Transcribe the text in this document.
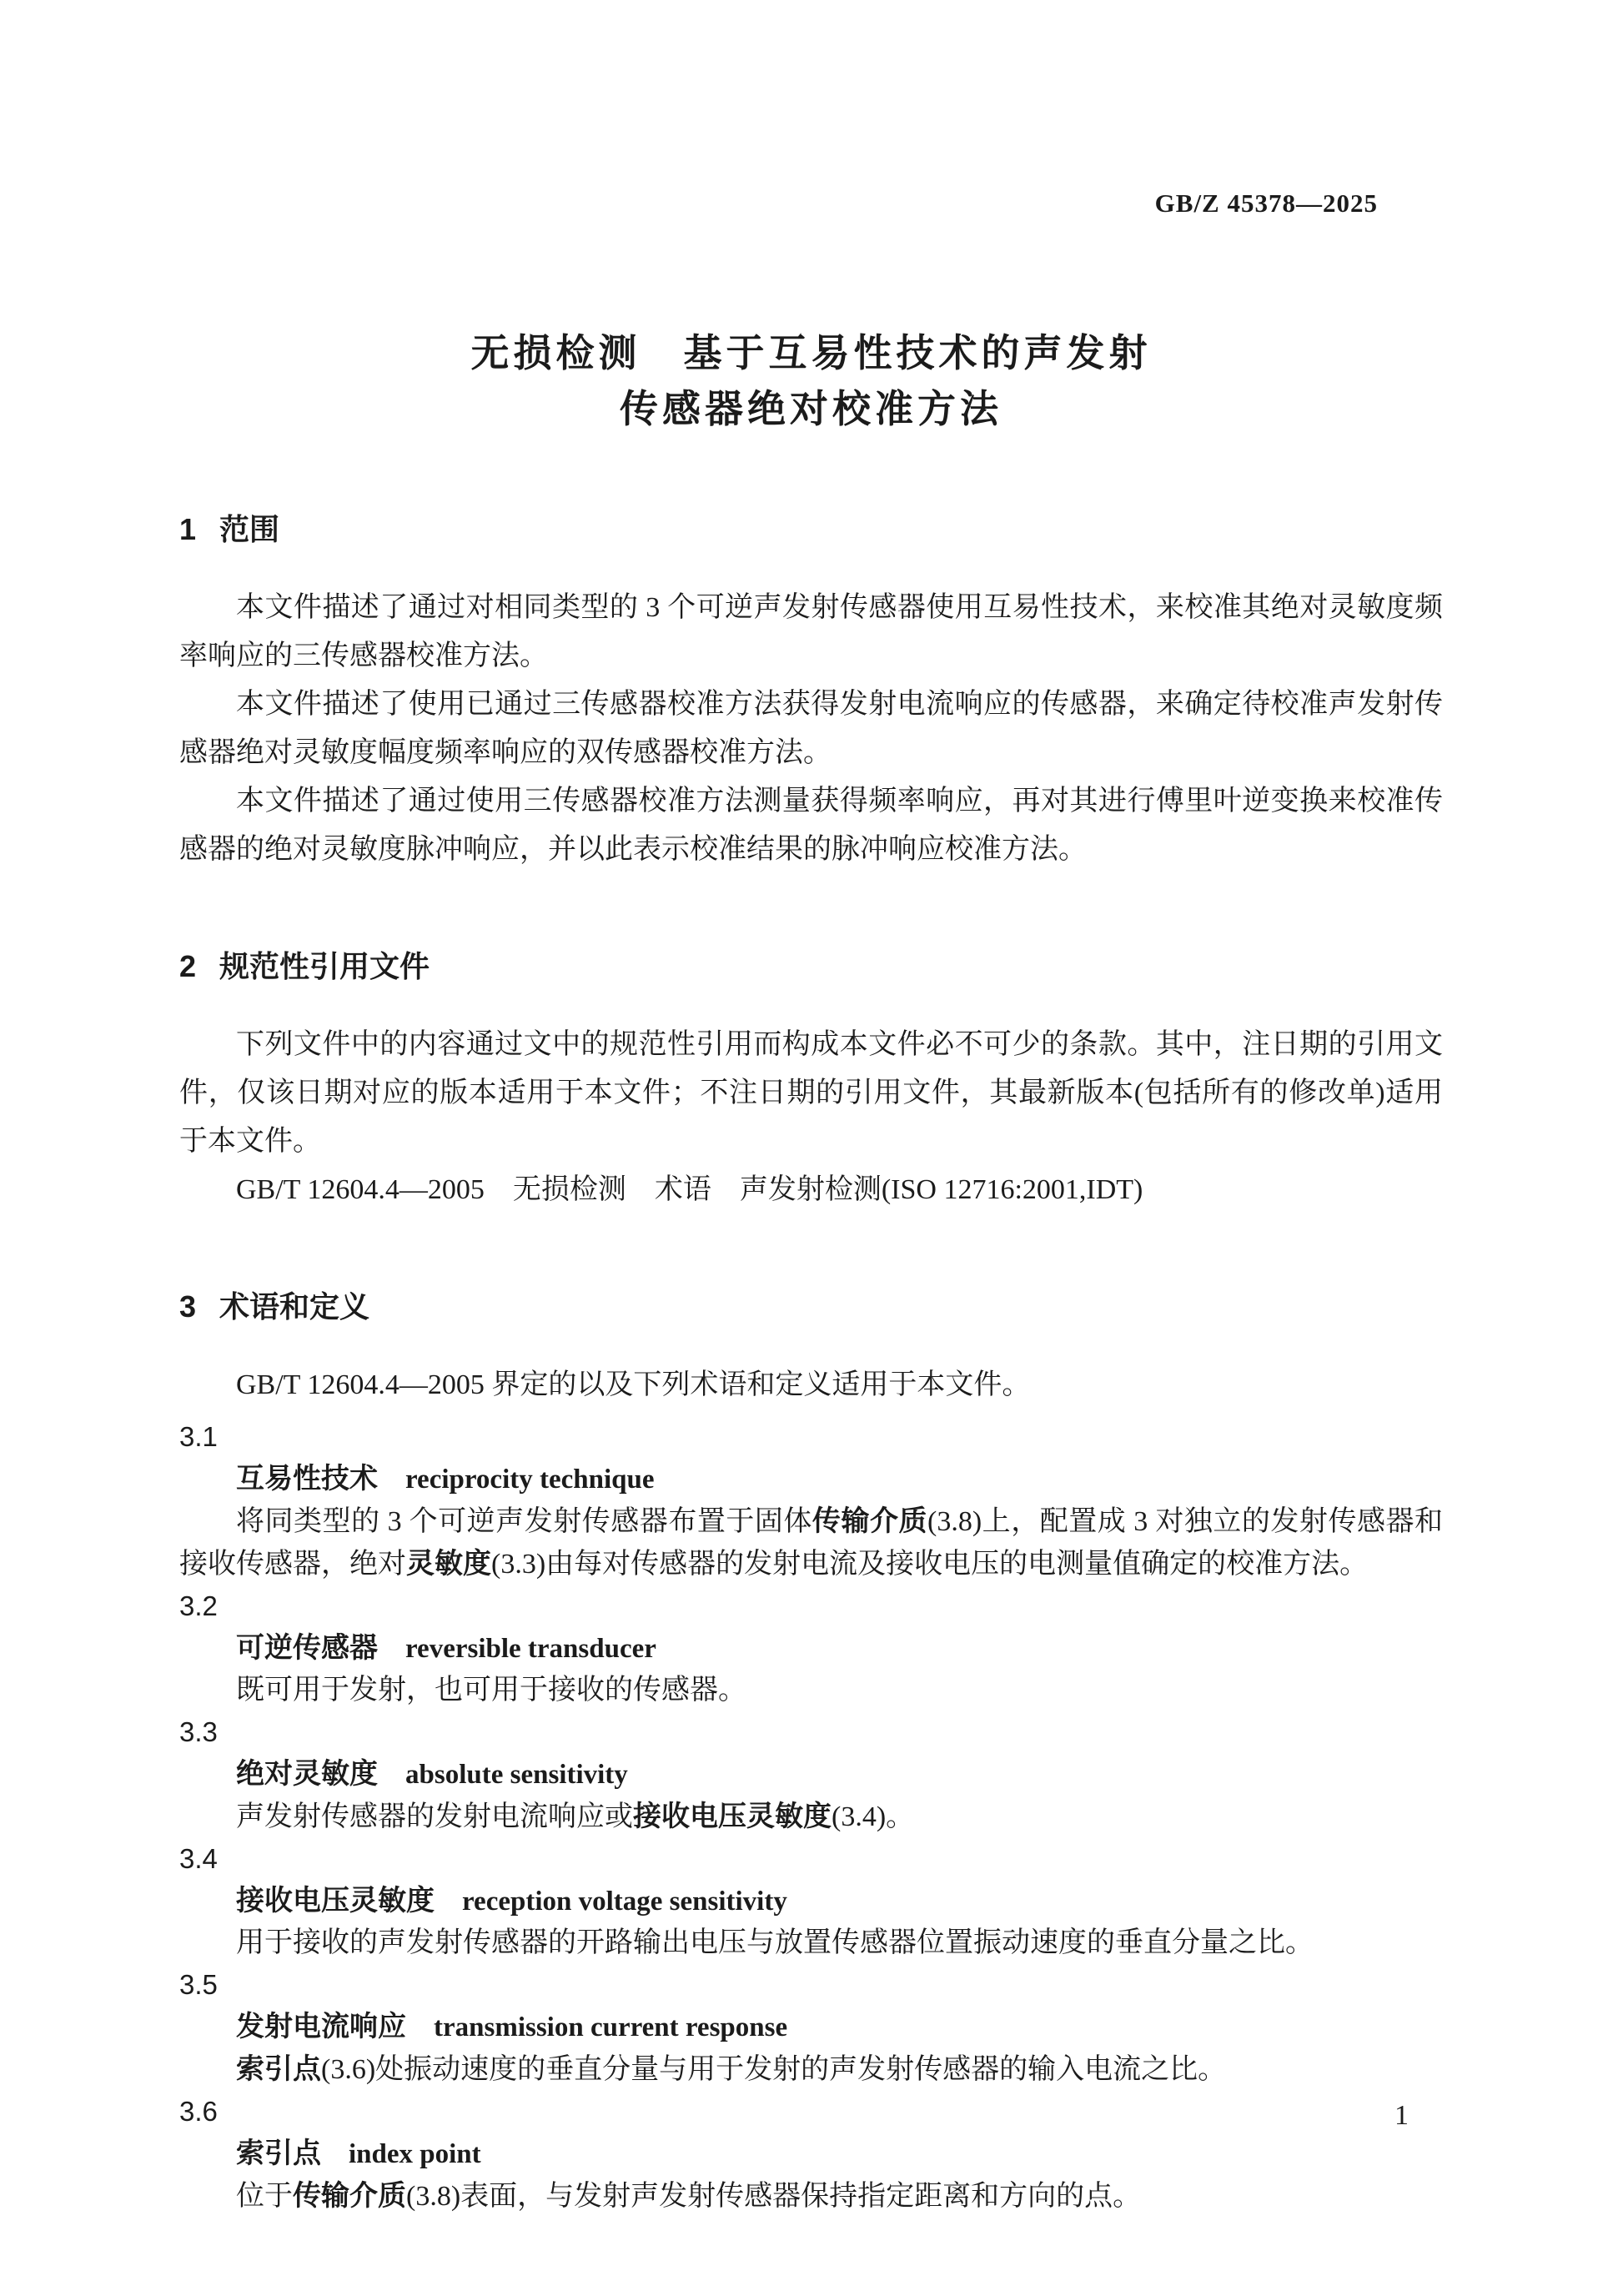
GB/Z 45378—2025
无损检测　基于互易性技术的声发射
传感器绝对校准方法
1 范围

本文件描述了通过对相同类型的 3 个可逆声发射传感器使用互易性技术，来校准其绝对灵敏度频率响应的三传感器校准方法。

本文件描述了使用已通过三传感器校准方法获得发射电流响应的传感器，来确定待校准声发射传感器绝对灵敏度幅度频率响应的双传感器校准方法。

本文件描述了通过使用三传感器校准方法测量获得频率响应，再对其进行傅里叶逆变换来校准传感器的绝对灵敏度脉冲响应，并以此表示校准结果的脉冲响应校准方法。

2 规范性引用文件

下列文件中的内容通过文中的规范性引用而构成本文件必不可少的条款。其中，注日期的引用文件，仅该日期对应的版本适用于本文件；不注日期的引用文件，其最新版本(包括所有的修改单)适用于本文件。

GB/T 12604.4—2005　无损检测　术语　声发射检测(ISO 12716:2001,IDT)

3 术语和定义

GB/T 12604.4—2005 界定的以及下列术语和定义适用于本文件。

3.1
互易性技术 reciprocity technique

将同类型的 3 个可逆声发射传感器布置于固体传输介质(3.8)上，配置成 3 对独立的发射传感器和接收传感器，绝对灵敏度(3.3)由每对传感器的发射电流及接收电压的电测量值确定的校准方法。

3.2
可逆传感器 reversible transducer

既可用于发射，也可用于接收的传感器。

3.3
绝对灵敏度 absolute sensitivity

声发射传感器的发射电流响应或接收电压灵敏度(3.4)。

3.4
接收电压灵敏度 reception voltage sensitivity

用于接收的声发射传感器的开路输出电压与放置传感器位置振动速度的垂直分量之比。

3.5
发射电流响应 transmission current response

索引点(3.6)处振动速度的垂直分量与用于发射的声发射传感器的输入电流之比。

3.6
索引点 index point

位于传输介质(3.8)表面，与发射声发射传感器保持指定距离和方向的点。

1
